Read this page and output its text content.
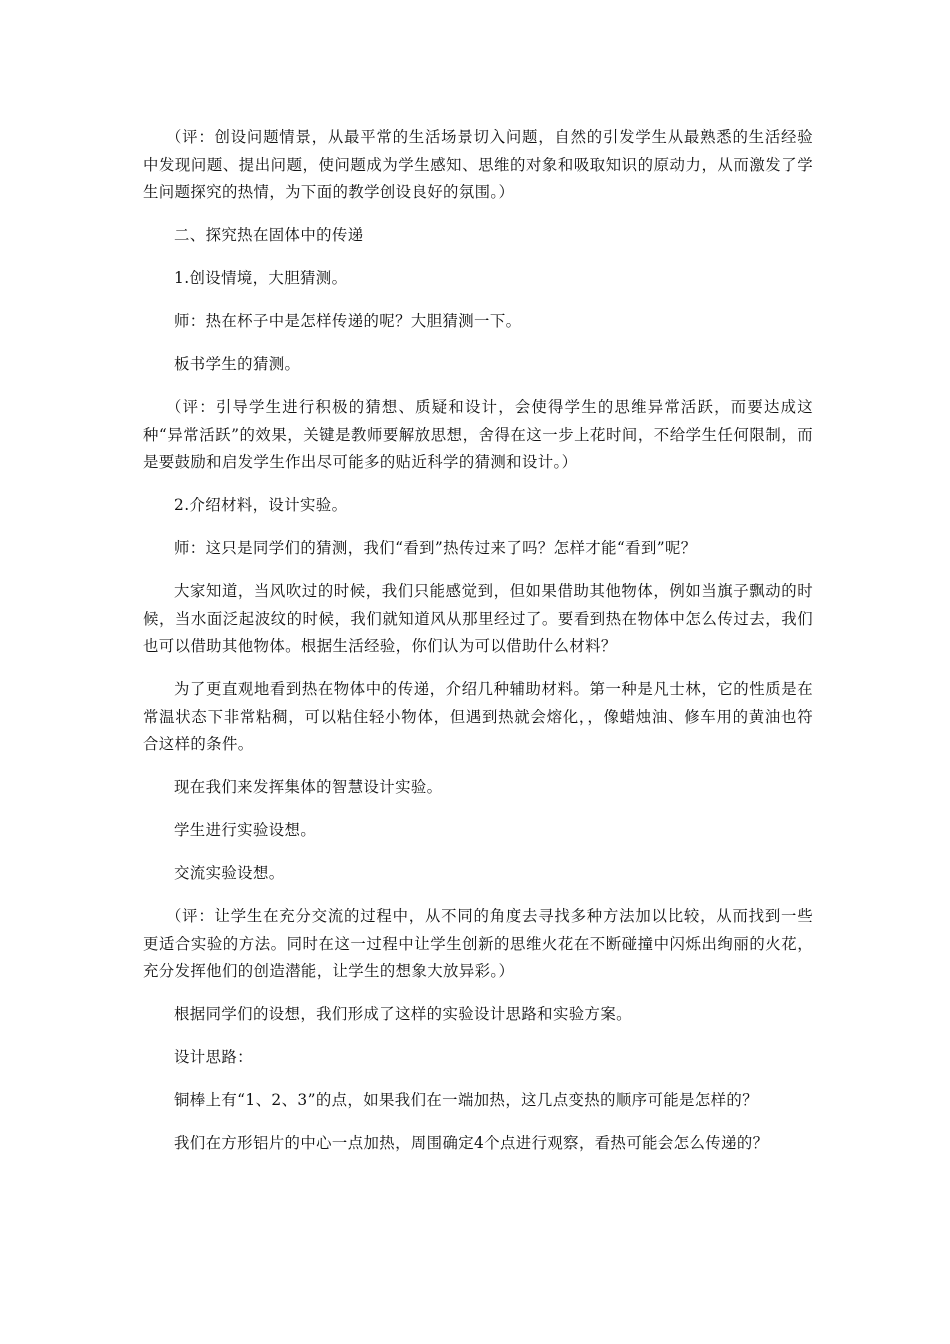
（评：创设问题情景，从最平常的生活场景切入问题，自然的引发学生从最熟悉的生活经验中发现问题、提出问题，使问题成为学生感知、思维的对象和吸取知识的原动力，从而激发了学生问题探究的热情，为下面的教学创设良好的氛围。）

二、探究热在固体中的传递

1.创设情境，大胆猜测。

师：热在杯子中是怎样传递的呢？大胆猜测一下。

板书学生的猜测。

（评：引导学生进行积极的猜想、质疑和设计，会使得学生的思维异常活跃，而要达成这种“异常活跃”的效果，关键是教师要解放思想，舍得在这一步上花时间，不给学生任何限制，而是要鼓励和启发学生作出尽可能多的贴近科学的猜测和设计。）

2.介绍材料，设计实验。

师：这只是同学们的猜测，我们“看到”热传过来了吗？怎样才能“看到”呢？

大家知道，当风吹过的时候，我们只能感觉到，但如果借助其他物体，例如当旗子飘动的时候，当水面泛起波纹的时候，我们就知道风从那里经过了。要看到热在物体中怎么传过去，我们也可以借助其他物体。根据生活经验，你们认为可以借助什么材料？

为了更直观地看到热在物体中的传递，介绍几种辅助材料。第一种是凡士林，它的性质是在常温状态下非常粘稠，可以粘住轻小物体，但遇到热就会熔化，，像蜡烛油、修车用的黄油也符合这样的条件。

现在我们来发挥集体的智慧设计实验。

学生进行实验设想。

交流实验设想。

（评：让学生在充分交流的过程中，从不同的角度去寻找多种方法加以比较，从而找到一些更适合实验的方法。同时在这一过程中让学生创新的思维火花在不断碰撞中闪烁出绚丽的火花，充分发挥他们的创造潜能，让学生的想象大放异彩。）

根据同学们的设想，我们形成了这样的实验设计思路和实验方案。

设计思路：

铜棒上有“1、2、3”的点，如果我们在一端加热，这几点变热的顺序可能是怎样的？

我们在方形铝片的中心一点加热，周围确定4个点进行观察，看热可能会怎么传递的？
